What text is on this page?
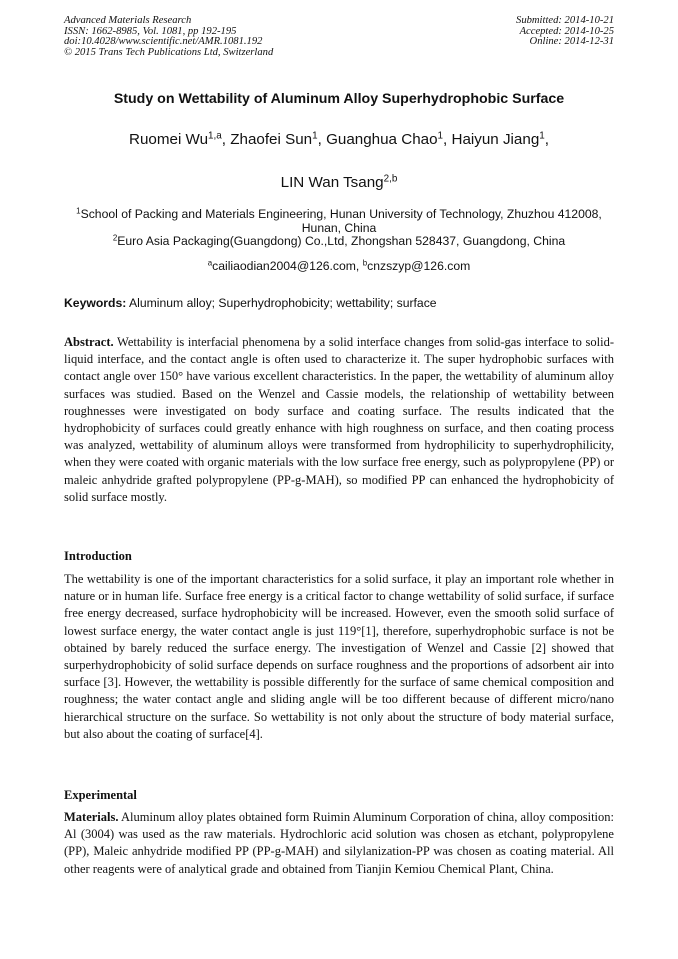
Advanced Materials Research
ISSN: 1662-8985, Vol. 1081, pp 192-195
doi:10.4028/www.scientific.net/AMR.1081.192
© 2015 Trans Tech Publications Ltd, Switzerland
Submitted: 2014-10-21
Accepted: 2014-10-25
Online: 2014-12-31
Study on Wettability of Aluminum Alloy Superhydrophobic Surface
Ruomei Wu$^{1,a}$, Zhaofei Sun$^1$, Guanghua Chao$^1$, Haiyun Jiang$^1$,
LIN Wan Tsang$^{2,b}$
$^1$School of Packing and Materials Engineering, Hunan University of Technology, Zhuzhou 412008, Hunan, China
$^2$Euro Asia Packaging(Guangdong) Co.,Ltd, Zhongshan 528437, Guangdong, China
$^a$cailiaodian2004@126.com, $^b$cnzszyp@126.com
Keywords: Aluminum alloy; Superhydrophobicity; wettability; surface
Abstract. Wettability is interfacial phenomena by a solid interface changes from solid-gas interface to solid-liquid interface, and the contact angle is often used to characterize it. The super hydrophobic surfaces with contact angle over 150° have various excellent characteristics. In the paper, the wettability of aluminum alloy surfaces was studied. Based on the Wenzel and Cassie models, the relationship of wettability between roughnesses were investigated on body surface and coating surface. The results indicated that the hydrophobicity of surfaces could greatly enhance with high roughness on surface, and then coating process was analyzed, wettability of aluminum alloys were transformed from hydrophilicity to superhydrophilicity, when they were coated with organic materials with the low surface free energy, such as polypropylene (PP) or maleic anhydride grafted polypropylene (PP-g-MAH), so modified PP can enhanced the hydrophobicity of solid surface mostly.
Introduction
The wettability is one of the important characteristics for a solid surface, it play an important role whether in nature or in human life. Surface free energy is a critical factor to change wettability of solid surface, if surface free energy decreased, surface hydrophobicity will be increased. However, even the smooth solid surface of lowest surface energy, the water contact angle is just 119°[1], therefore, superhydrophobic surface is not be obtained by barely reduced the surface energy. The investigation of Wenzel and Cassie [2] showed that surperhydrophobicity of solid surface depends on surface roughness and the proportions of adsorbent air into surface [3]. However, the wettability is possible differently for the surface of same chemical composition and roughness; the water contact angle and sliding angle will be too different because of different micro/nano hierarchical structure on the surface. So wettability is not only about the structure of body material surface, but also about the coating of surface[4].
Experimental
Materials. Aluminum alloy plates obtained form Ruimin Aluminum Corporation of china, alloy composition: Al (3004) was used as the raw materials. Hydrochloric acid solution was chosen as etchant, polypropylene (PP), Maleic anhydride modified PP (PP-g-MAH) and silylanization-PP was chosen as coating material. All other reagents were of analytical grade and obtained from Tianjin Kemiou Chemical Plant, China.
